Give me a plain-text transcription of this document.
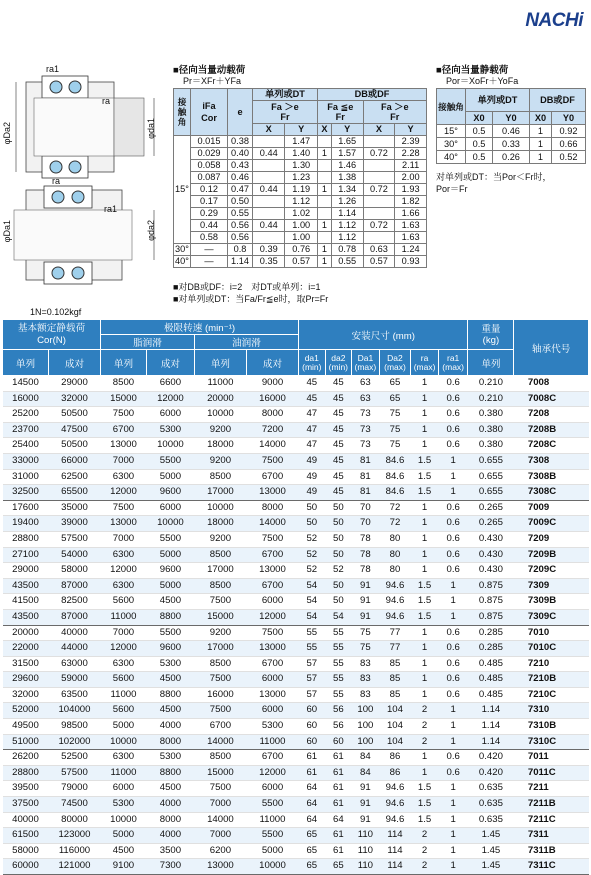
NACHi
ra1
ra
φDa2	φda1
ra
ra1
φDa1	φda2
■径向当量动载荷
Pr＝XFr＋YFa
接触角	iFa
Cor	e	单列或DT		DB或DF			
			Fa ＞e
Fr		Fa ≦e
Fr		Fa ＞e
Fr	
			X	Y	X	Y	X	Y
15°	0.015	0.38		1.47		1.65		2.39
	0.029	0.40	0.44	1.40	1	1.57	0.72	2.28
	0.058	0.43		1.30		1.46		2.11
	0.087	0.46		1.23		1.38		2.00
	0.12	0.47	0.44	1.19	1	1.34	0.72	1.93
	0.17	0.50		1.12		1.26		1.82
	0.29	0.55		1.02		1.14		1.66
	0.44	0.56	0.44	1.00	1	1.12	0.72	1.63
	0.58	0.56		1.00		1.12		1.63
30°	—	0.8	0.39	0.76	1	0.78	0.63	1.24
40°	—	1.14	0.35	0.57	1	0.55	0.57	0.93
■对DB或DF：i=2　对DT或单列：i=1
■对单列或DT：当Fa/Fr≦e时，取Pr=Fr
■径向当量静载荷
Por＝XoFr＋YoFa
接触角	单列或DT		DB或DF	
	X0	Y0	X0	Y0
15°	0.5	0.46	1	0.92
30°	0.5	0.33	1	0.66
40°	0.5	0.26	1	0.52
对单列或DT：当Por＜Fr时，
Por＝Fr
1N=0.102kgf
基本额定静载荷
Cor(N)		极限转速 (min⁻¹)				安装尺寸 (mm)						重量
(kg)	轴承代号
		脂润滑		油润滑									
单列	成对	单列	成对	单列	成对	da1
(min)	da2
(min)	Da1
(max)	Da2
(max)	ra
(max)	ra1
(max)	单列	
14500	29000	8500	6600	11000	9000	45	45	63	65	1	0.6	0.210	7008
16000	32000	15000	12000	20000	16000	45	45	63	65	1	0.6	0.210	7008C
25200	50500	7500	6000	10000	8000	47	45	73	75	1	0.6	0.380	7208
23700	47500	6700	5300	9200	7200	47	45	73	75	1	0.6	0.380	7208B
25400	50500	13000	10000	18000	14000	47	45	73	75	1	0.6	0.380	7208C
33000	66000	7000	5500	9200	7500	49	45	81	84.6	1.5	1	0.655	7308
31000	62500	6300	5000	8500	6700	49	45	81	84.6	1.5	1	0.655	7308B
32500	65500	12000	9600	17000	13000	49	45	81	84.6	1.5	1	0.655	7308C
17600	35000	7500	6000	10000	8000	50	50	70	72	1	0.6	0.265	7009
19400	39000	13000	10000	18000	14000	50	50	70	72	1	0.6	0.265	7009C
28800	57500	7000	5500	9200	7500	52	50	78	80	1	0.6	0.430	7209
27100	54000	6300	5000	8500	6700	52	50	78	80	1	0.6	0.430	7209B
29000	58000	12000	9600	17000	13000	52	52	78	80	1	0.6	0.430	7209C
43500	87000	6300	5000	8500	6700	54	50	91	94.6	1.5	1	0.875	7309
41500	82500	5600	4500	7500	6000	54	50	91	94.6	1.5	1	0.875	7309B
43500	87000	11000	8800	15000	12000	54	54	91	94.6	1.5	1	0.875	7309C
20000	40000	7000	5500	9200	7500	55	55	75	77	1	0.6	0.285	7010
22000	44000	12000	9600	17000	13000	55	55	75	77	1	0.6	0.285	7010C
31500	63000	6300	5300	8500	6700	57	55	83	85	1	0.6	0.485	7210
29600	59000	5600	4500	7500	6000	57	55	83	85	1	0.6	0.485	7210B
32000	63500	11000	8800	16000	13000	57	55	83	85	1	0.6	0.485	7210C
52000	104000	5600	4500	7500	6000	60	56	100	104	2	1	1.14	7310
49500	98500	5000	4000	6700	5300	60	56	100	104	2	1	1.14	7310B
51000	102000	10000	8000	14000	11000	60	60	100	104	2	1	1.14	7310C
26200	52500	6300	5300	8500	6700	61	61	84	86	1	0.6	0.420	7011
28800	57500	11000	8800	15000	12000	61	61	84	86	1	0.6	0.420	7011C
39500	79000	6000	4500	7500	6000	64	61	91	94.6	1.5	1	0.635	7211
37500	74500	5300	4000	7000	5500	64	61	91	94.6	1.5	1	0.635	7211B
40000	80000	10000	8000	14000	11000	64	64	91	94.6	1.5	1	0.635	7211C
61500	123000	5000	4000	7000	5500	65	61	110	114	2	1	1.45	7311
58000	116000	4500	3500	6200	5000	65	61	110	114	2	1	1.45	7311B
60000	121000	9100	7300	13000	10000	65	65	110	114	2	1	1.45	7311C
